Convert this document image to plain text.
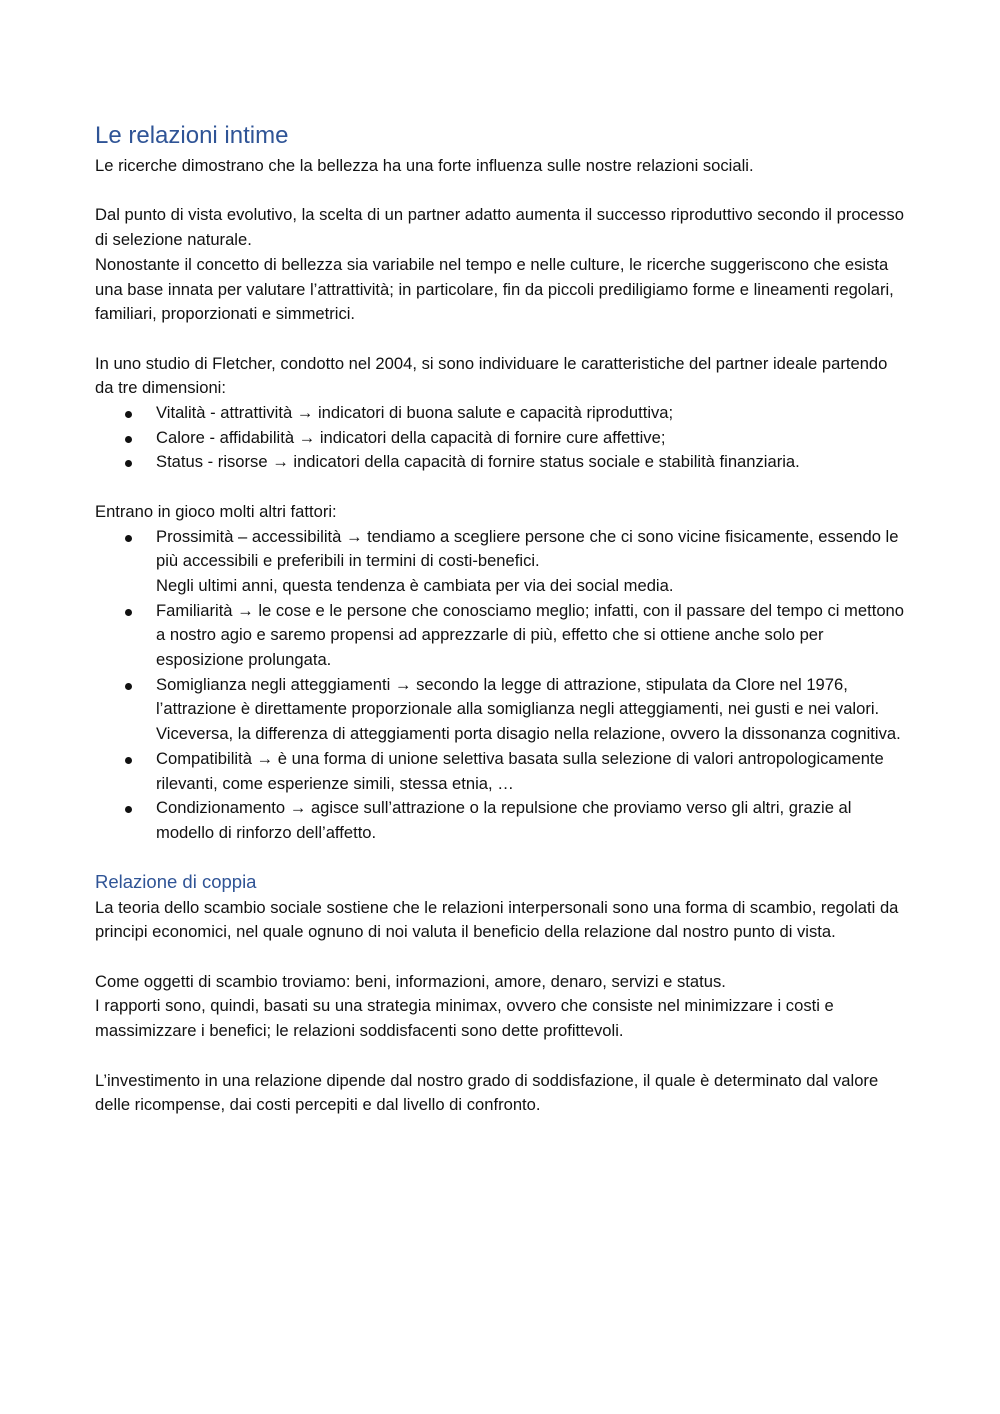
Le relazioni intime

Le ricerche dimostrano che la bellezza ha una forte influenza sulle nostre relazioni sociali.

Dal punto di vista evolutivo, la scelta di un partner adatto aumenta il successo riproduttivo secondo il processo di selezione naturale.

Nonostante il concetto di bellezza sia variabile nel tempo e nelle culture, le ricerche suggeriscono che esista una base innata per valutare l’attrattività; in particolare, fin da piccoli prediligiamo forme e lineamenti regolari, familiari, proporzionati e simmetrici.

In uno studio di Fletcher, condotto nel 2004, si sono individuare le caratteristiche del partner ideale partendo da tre dimensioni:

Vitalità - attrattività → indicatori di buona salute e capacità riproduttiva;
Calore - affidabilità → indicatori della capacità di fornire cure affettive;
Status - risorse → indicatori della capacità di fornire status sociale e stabilità finanziaria.

Entrano in gioco molti altri fattori:

Prossimità – accessibilità → tendiamo a scegliere persone che ci sono vicine fisicamente, essendo le più accessibili e preferibili in termini di costi-benefici.
Negli ultimi anni, questa tendenza è cambiata per via dei social media.
Familiarità → le cose e le persone che conosciamo meglio; infatti, con il passare del tempo ci mettono a nostro agio e saremo propensi ad apprezzarle di più, effetto che si ottiene anche solo per esposizione prolungata.
Somiglianza negli atteggiamenti → secondo la legge di attrazione, stipulata da Clore nel 1976, l’attrazione è direttamente proporzionale alla somiglianza negli atteggiamenti, nei gusti e nei valori.
Viceversa, la differenza di atteggiamenti porta disagio nella relazione, ovvero la dissonanza cognitiva.
Compatibilità → è una forma di unione selettiva basata sulla selezione di valori antropologicamente rilevanti, come esperienze simili, stessa etnia, …
Condizionamento → agisce sull’attrazione o la repulsione che proviamo verso gli altri, grazie al modello di rinforzo dell’affetto.
Relazione di coppia

La teoria dello scambio sociale sostiene che le relazioni interpersonali sono una forma di scambio, regolati da principi economici, nel quale ognuno di noi valuta il beneficio della relazione dal nostro punto di vista.

Come oggetti di scambio troviamo: beni, informazioni, amore, denaro, servizi e status.

I rapporti sono, quindi, basati su una strategia minimax, ovvero che consiste nel minimizzare i costi e massimizzare i benefici; le relazioni soddisfacenti sono dette profittevoli.

L’investimento in una relazione dipende dal nostro grado di soddisfazione, il quale è determinato dal valore delle ricompense, dai costi percepiti e dal livello di confronto.
